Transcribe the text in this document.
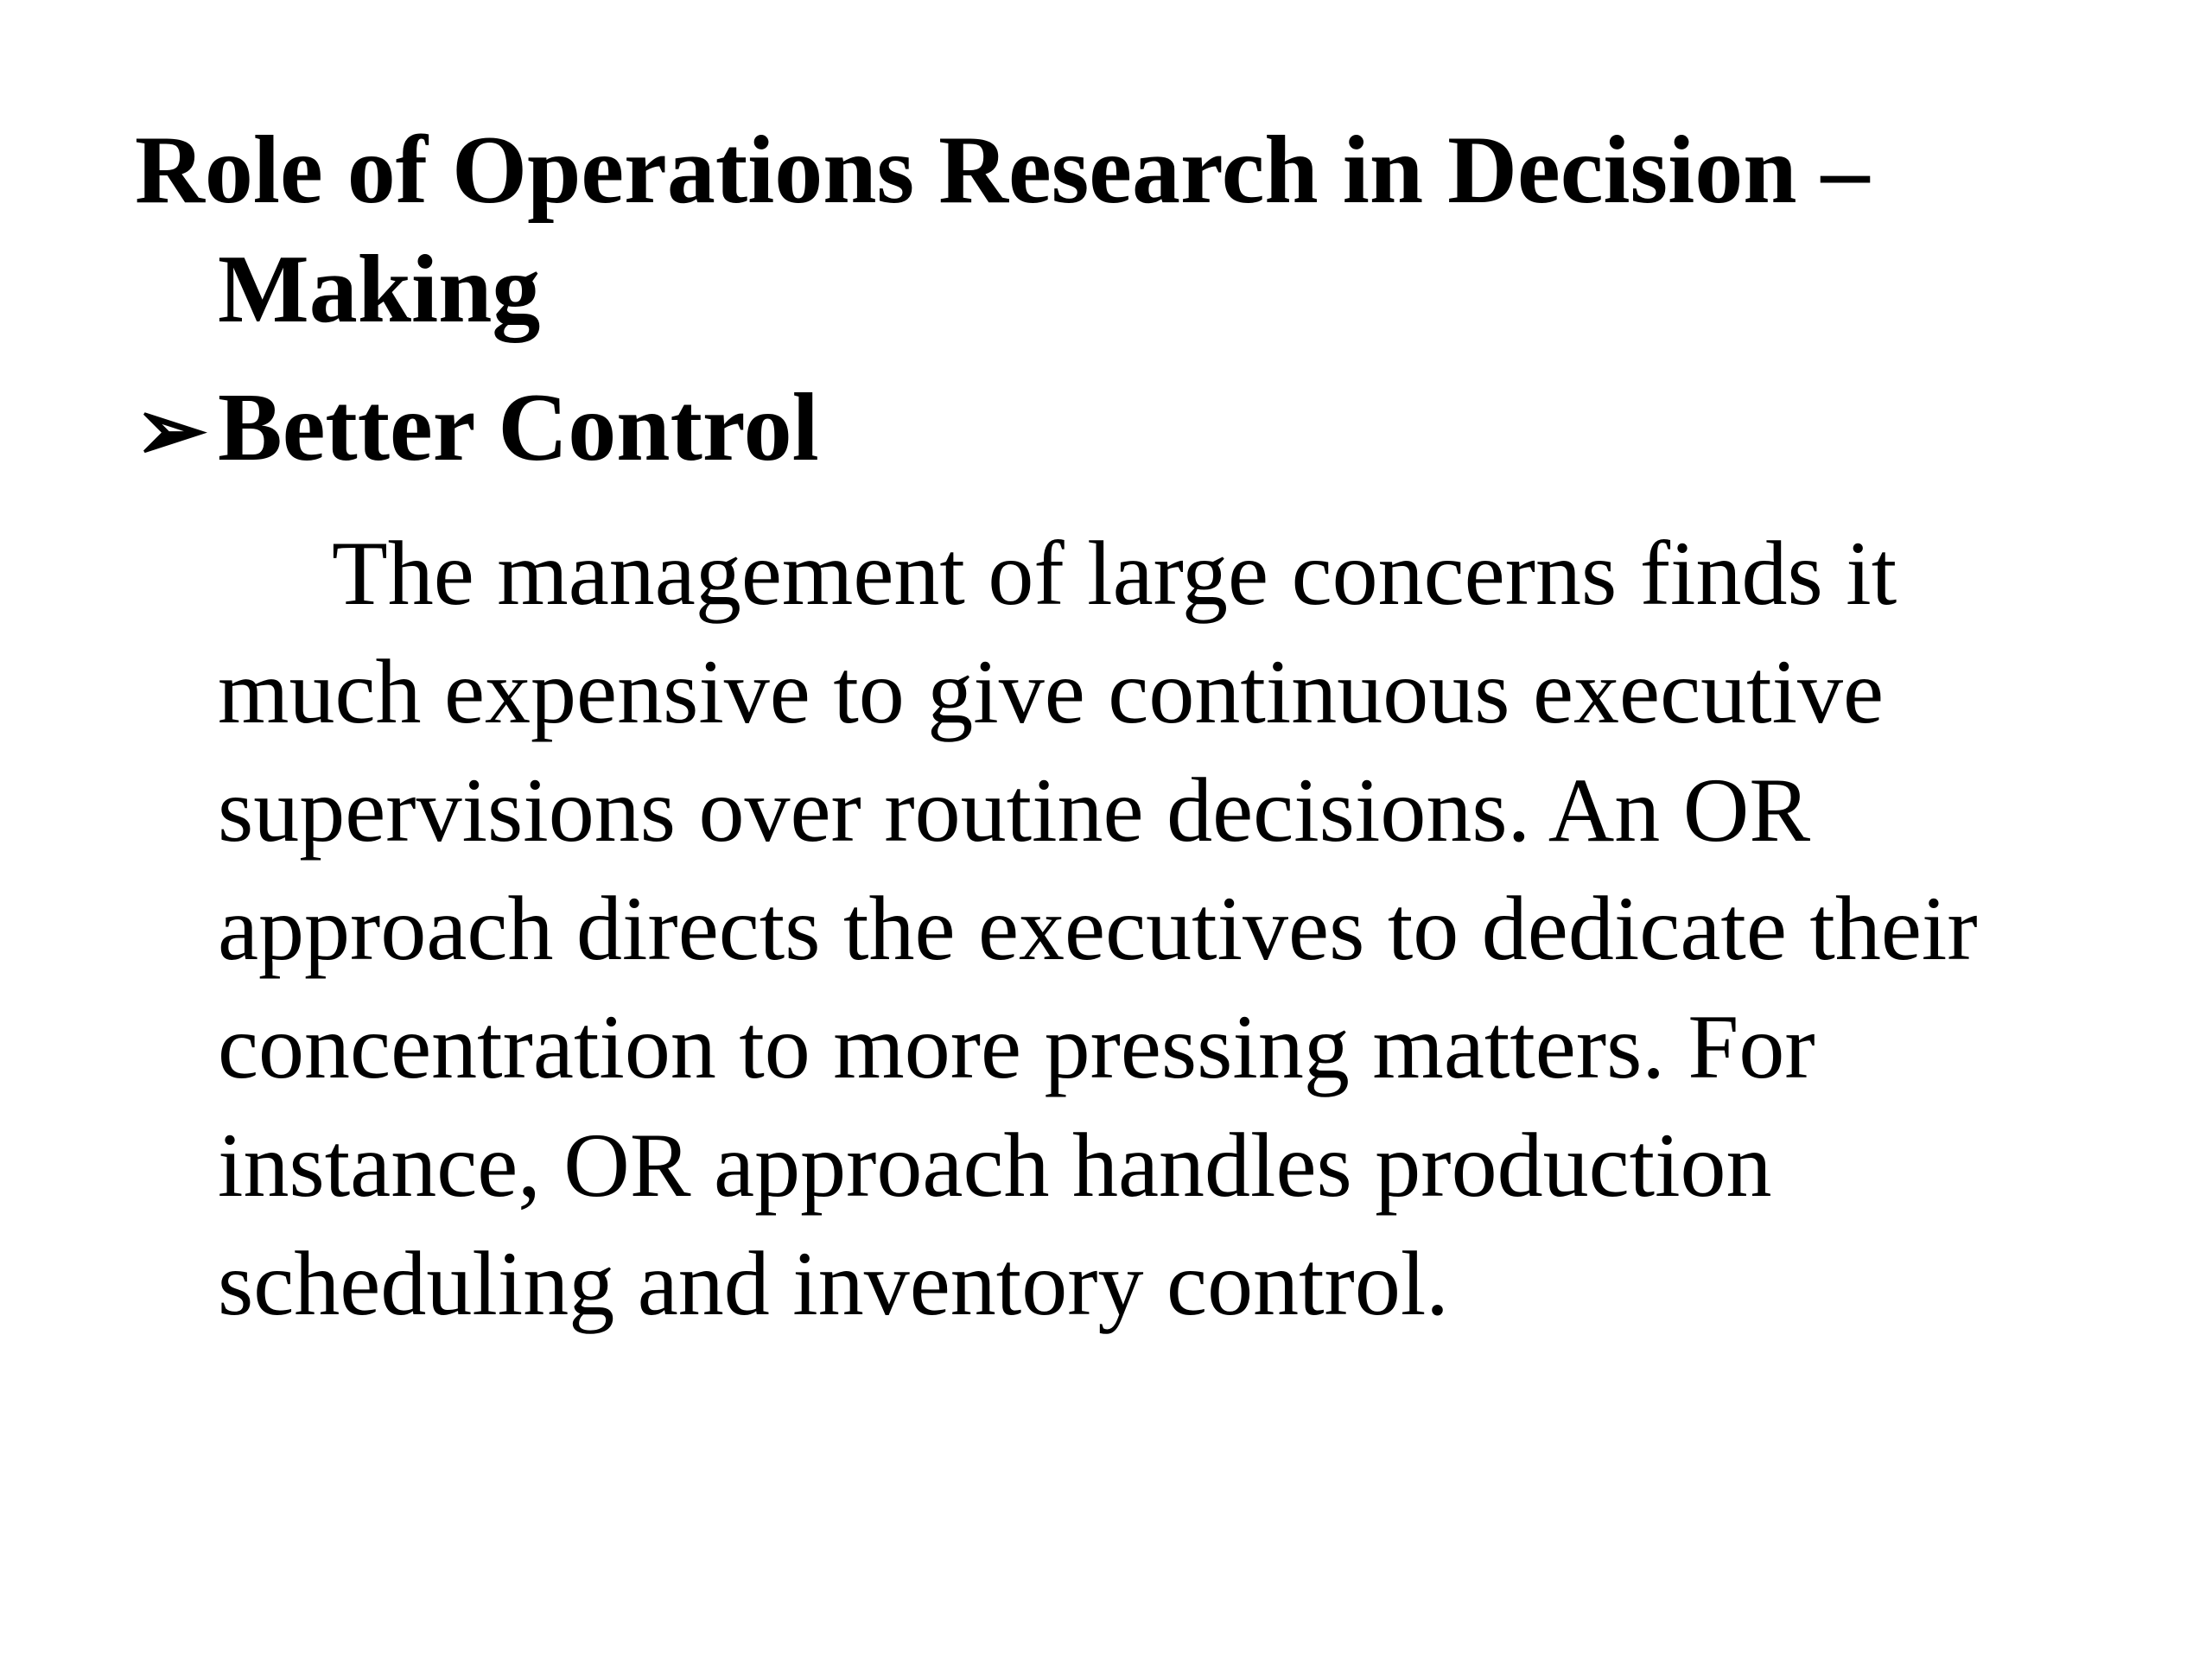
Role of Operations Research in Decision – Making
➢ Better Control

The management of large concerns finds it much expensive to give continuous executive supervisions over routine decisions. An OR approach directs the executives to dedicate their concentration to more pressing matters. For instance, OR approach handles production scheduling and inventory control.
